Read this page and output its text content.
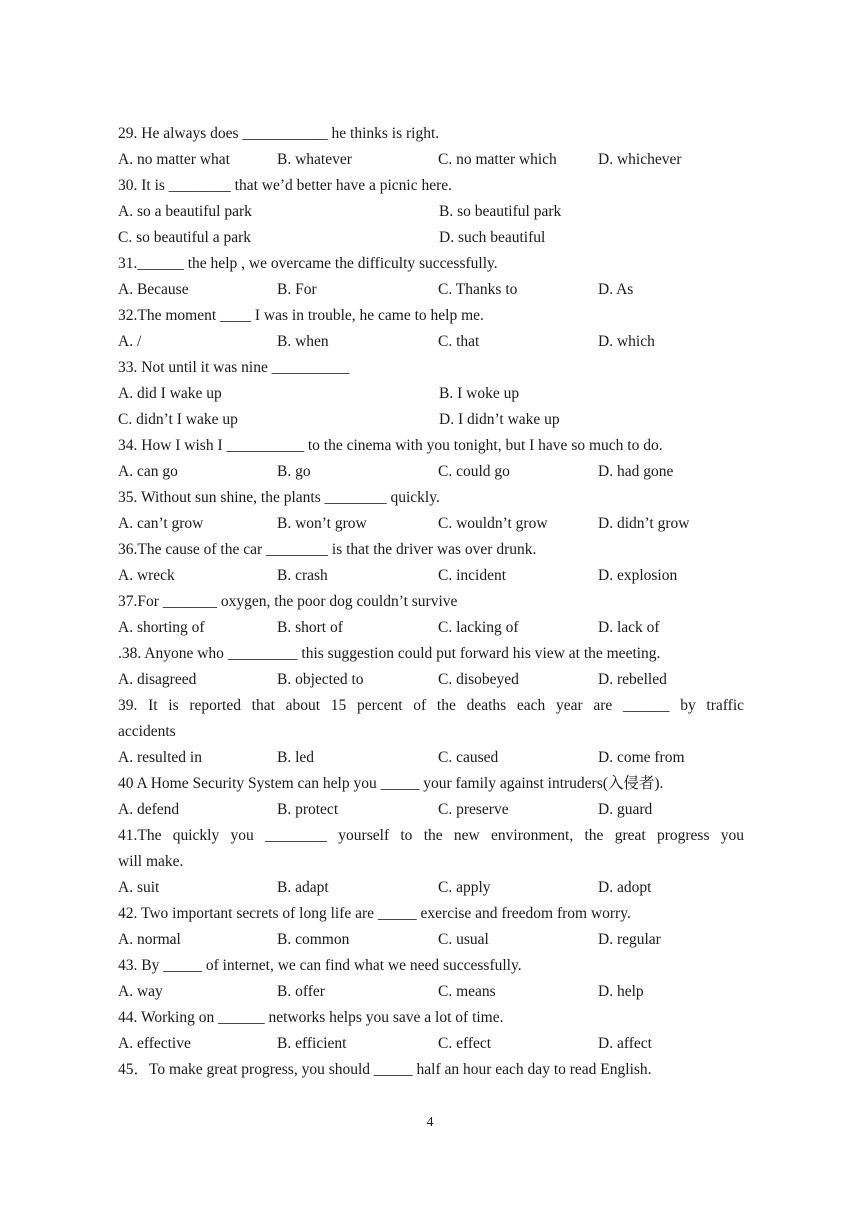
29. He always does ___________ he thinks is right.
A. no matter what	B. whatever	C. no matter which	D. whichever
30. It is ________ that we’d better have a picnic here.
A. so a beautiful park	B. so beautiful park
C. so beautiful a park	D. such beautiful
31.______ the help , we overcame the difficulty successfully.
A. Because	B. For	C. Thanks to	D. As
32.The moment ____ I was in trouble, he came to help me.
A. /	B. when	C. that	D. which
33. Not until it was nine __________
A. did I wake up	B. I woke up
C. didn’t I wake up	D. I didn’t wake up
34. How I wish I __________ to the cinema with you tonight, but I have so much to do.
A. can go	B. go	C. could go	D. had gone
35. Without sun shine, the plants ________ quickly.
A. can’t grow	B. won’t grow	C. wouldn’t grow	D. didn’t grow
36.The cause of the car ________ is that the driver was over drunk.
A. wreck	B. crash	C. incident	D. explosion
37.For _______ oxygen, the poor dog couldn’t survive
A. shorting of	B. short of	C. lacking of	D. lack of
.38. Anyone who _________ this suggestion could put forward his view at the meeting.
A. disagreed	B. objected to	C. disobeyed	D. rebelled
39. It is reported that about 15 percent of the deaths each year are ______ by traffic
accidents
A. resulted in	B. led	C. caused	D. come from
40 A Home Security System can help you _____ your family against intruders(入侵者).
A. defend	B. protect	C. preserve	D. guard
41.The quickly you ________ yourself to the new environment, the great progress you
will make.
A. suit	B. adapt	C. apply	D. adopt
42. Two important secrets of long life are _____ exercise and freedom from worry.
A. normal	B. common	C. usual	D. regular
43. By _____ of internet, we can find what we need successfully.
A. way	B. offer	C. means	D. help
44. Working on ______ networks helps you save a lot of time.
A. effective	B. efficient	C. effect	D. affect
45．To make great progress, you should _____ half an hour each day to read English.
4
